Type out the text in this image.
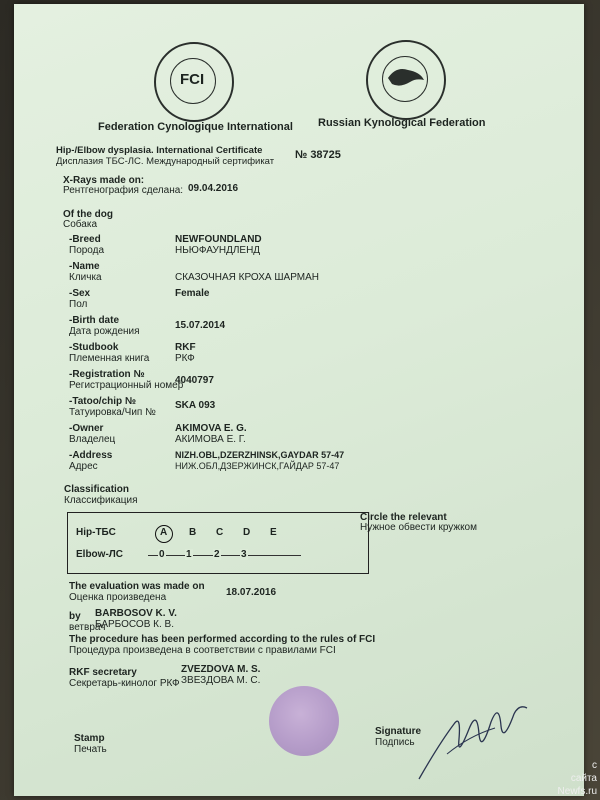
FCI
Federation Cynologique International Russian Kynological Federation
Hip-/Elbow dysplasia. International Certificate
Дисплазия ТБС-ЛС. Международный сертификат
№ 38725
X-Rays made on:
Рентгенография сделана: 09.04.2016
Of the dog
Собака
-Breed
Порода
NEWFOUNDLAND
НЬЮФАУНДЛЕНД
-Name
Кличка	СКАЗОЧНАЯ КРОХА ШАРМАН
-Sex
Пол
Female
-Birth date
Дата рождения
15.07.2014
-Studbook
Племенная книга
RKF
РКФ
-Registration №
Регистрационный номер
4040797
-Tatoo/chip №
Татуировка/Чип №
SKA 093
-Owner
Владелец
AKIMOVA E. G.
АКИМОВА Е. Г.
-Address
Адрес
NIZH.OBL,DZERZHINSK,GAYDAR 57-47
НИЖ.ОБЛ,ДЗЕРЖИНСК,ГАЙДАР 57-47
Classification
Классификация
Circle the relevant
Нужное обвести кружком
Hip-ТБС
Elbow-ЛС
A B C D E
0 1 2 3
The evaluation was made on
Оценка произведена	18.07.2016
by
ветврач
BARBOSOV K. V.
БАРБОСОВ К. В.
The procedure has been performed according to the rules of FCI
Процедура произведена в соответствии с правилами FCI
RKF secretary
Секретарь-кинолог РКФ
ZVEZDOVA M. S.
ЗВЕЗДОВА М. С.
Stamp
Печать
Signature
Подпись
с
сайта
Newfs.ru
